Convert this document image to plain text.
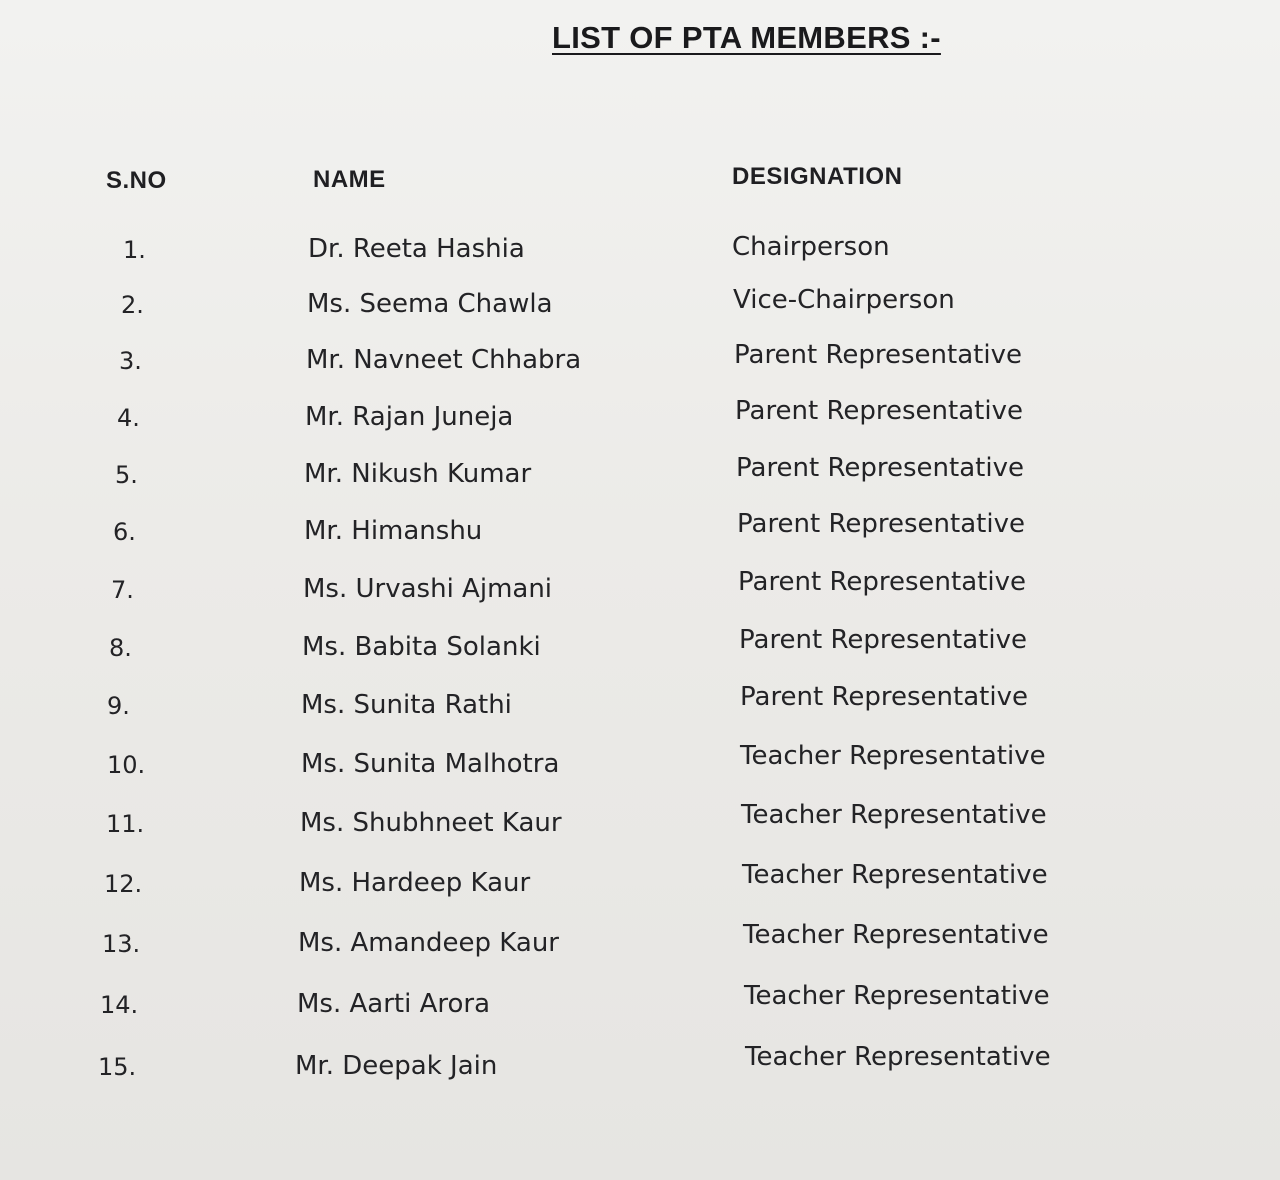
LIST OF PTA MEMBERS :-
S.NO	NAME	DESIGNATION
1.	Dr. Reeta Hashia	Chairperson
2.	Ms. Seema Chawla	Vice-Chairperson
3.	Mr. Navneet Chhabra	Parent Representative
4.	Mr. Rajan Juneja	Parent Representative
5.	Mr. Nikush Kumar	Parent Representative
6.	Mr. Himanshu	Parent Representative
7.	Ms. Urvashi Ajmani	Parent Representative
8.	Ms. Babita Solanki	Parent Representative
9.	Ms. Sunita Rathi	Parent Representative
10.	Ms. Sunita Malhotra	Teacher Representative
11.	Ms. Shubhneet Kaur	Teacher Representative
12.	Ms. Hardeep Kaur	Teacher Representative
13.	Ms. Amandeep Kaur	Teacher Representative
14.	Ms. Aarti Arora	Teacher Representative
15.	Mr. Deepak Jain	Teacher Representative
